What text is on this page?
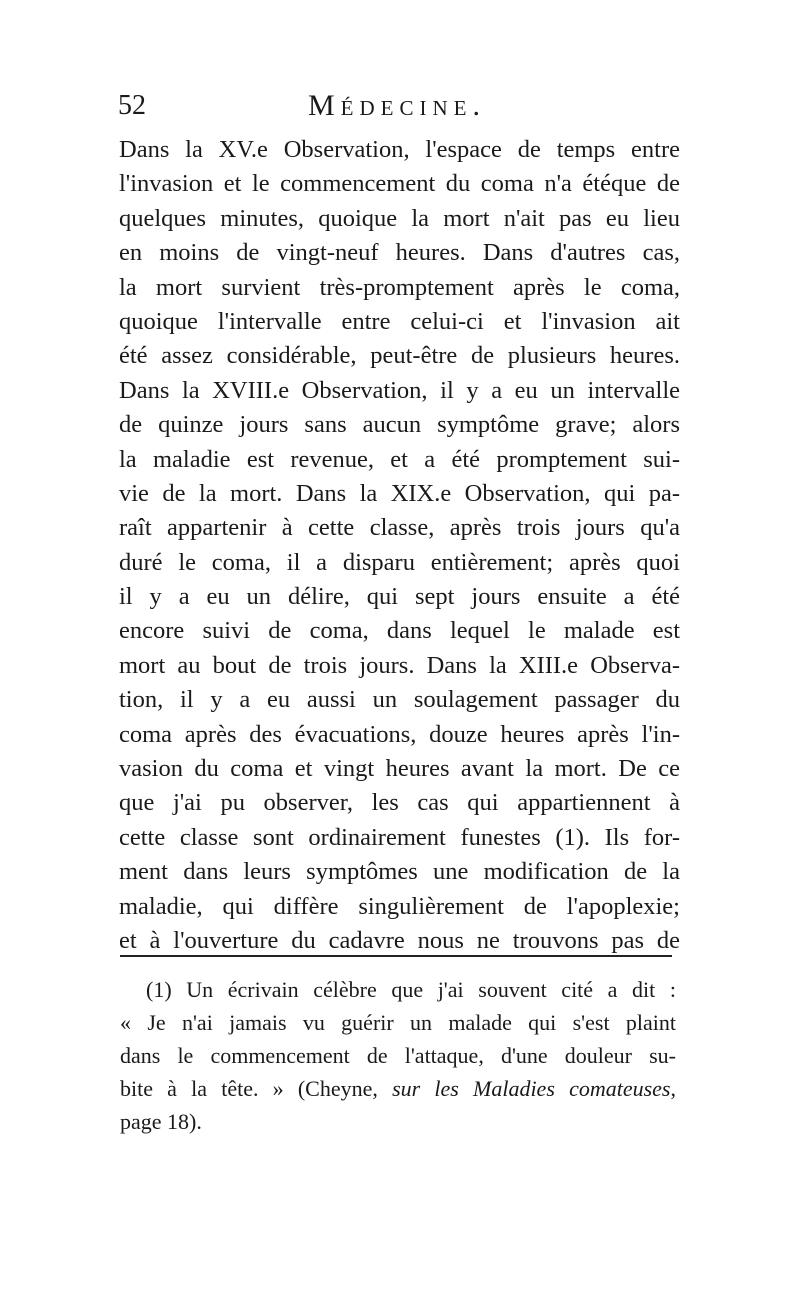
52	Médecine.
Dans la XV.e Observation, l'espace de temps entre
l'invasion et le commencement du coma n'a étéque de
quelques minutes, quoique la mort n'ait pas eu lieu
en moins de vingt-neuf heures. Dans d'autres cas,
la mort survient très-promptement après le coma,
quoique l'intervalle entre celui-ci et l'invasion ait
été assez considérable, peut-être de plusieurs heures.
Dans la XVIII.e Observation, il y a eu un intervalle
de quinze jours sans aucun symptôme grave; alors
la maladie est revenue, et a été promptement sui-
vie de la mort. Dans la XIX.e Observation, qui pa-
raît appartenir à cette classe, après trois jours qu'a
duré le coma, il a disparu entièrement; après quoi
il y a eu un délire, qui sept jours ensuite a été
encore suivi de coma, dans lequel le malade est
mort au bout de trois jours. Dans la XIII.e Observa-
tion, il y a eu aussi un soulagement passager du
coma après des évacuations, douze heures après l'in-
vasion du coma et vingt heures avant la mort. De ce
que j'ai pu observer, les cas qui appartiennent à
cette classe sont ordinairement funestes (1). Ils for-
ment dans leurs symptômes une modification de la
maladie, qui diffère singulièrement de l'apoplexie;
et à l'ouverture du cadavre nous ne trouvons pas de
(1) Un écrivain célèbre que j'ai souvent cité a dit :
« Je n'ai jamais vu guérir un malade qui s'est plaint
dans le commencement de l'attaque, d'une douleur su-
bite à la tête. » (Cheyne, sur les Maladies comateuses,
page 18).
